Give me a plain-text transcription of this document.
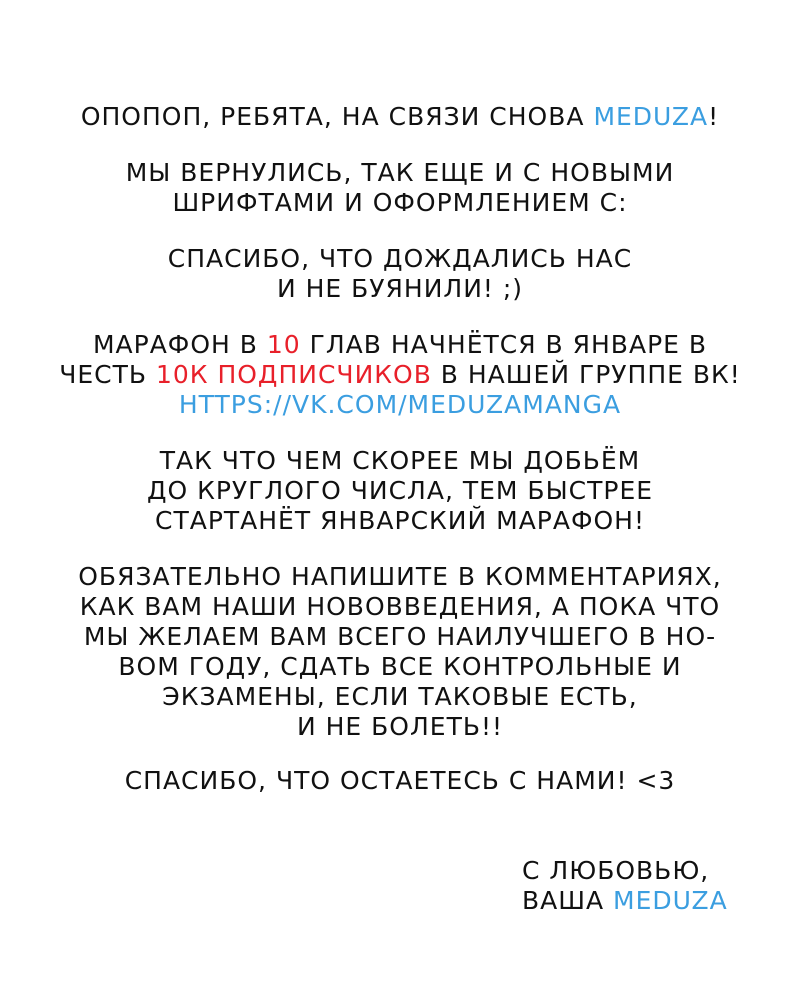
ОПОПОП, РЕБЯТА, НА СВЯЗИ СНОВА MEDUZA!
МЫ ВЕРНУЛИСЬ, ТАК ЕЩЕ И С НОВЫМИ
ШРИФТАМИ И ОФОРМЛЕНИЕМ С:
СПАСИБО, ЧТО ДОЖДАЛИСЬ НАС
И НЕ БУЯНИЛИ! ;)
МАРАФОН В 10 ГЛАВ НАЧНЁТСЯ В ЯНВАРЕ В
ЧЕСТЬ 10К ПОДПИСЧИКОВ В НАШЕЙ ГРУППЕ ВК!
HTTPS://VK.COM/MEDUZAMANGA
ТАК ЧТО ЧЕМ СКОРЕЕ МЫ ДОБЬЁМ
ДО КРУГЛОГО ЧИСЛА, ТЕМ БЫСТРЕЕ
СТАРТАНЁТ ЯНВАРСКИЙ МАРАФОН!
ОБЯЗАТЕЛЬНО НАПИШИТЕ В КОММЕНТАРИЯХ,
КАК ВАМ НАШИ НОВОВВЕДЕНИЯ, А ПОКА ЧТО
МЫ ЖЕЛАЕМ ВАМ ВСЕГО НАИЛУЧШЕГО В НО-
ВОМ ГОДУ, СДАТЬ ВСЕ КОНТРОЛЬНЫЕ И
ЭКЗАМЕНЫ, ЕСЛИ ТАКОВЫЕ ЕСТЬ,
И НЕ БОЛЕТЬ!!
СПАСИБО, ЧТО ОСТАЕТЕСЬ С НАМИ! <3
С ЛЮБОВЬЮ,
ВАША MEDUZA
